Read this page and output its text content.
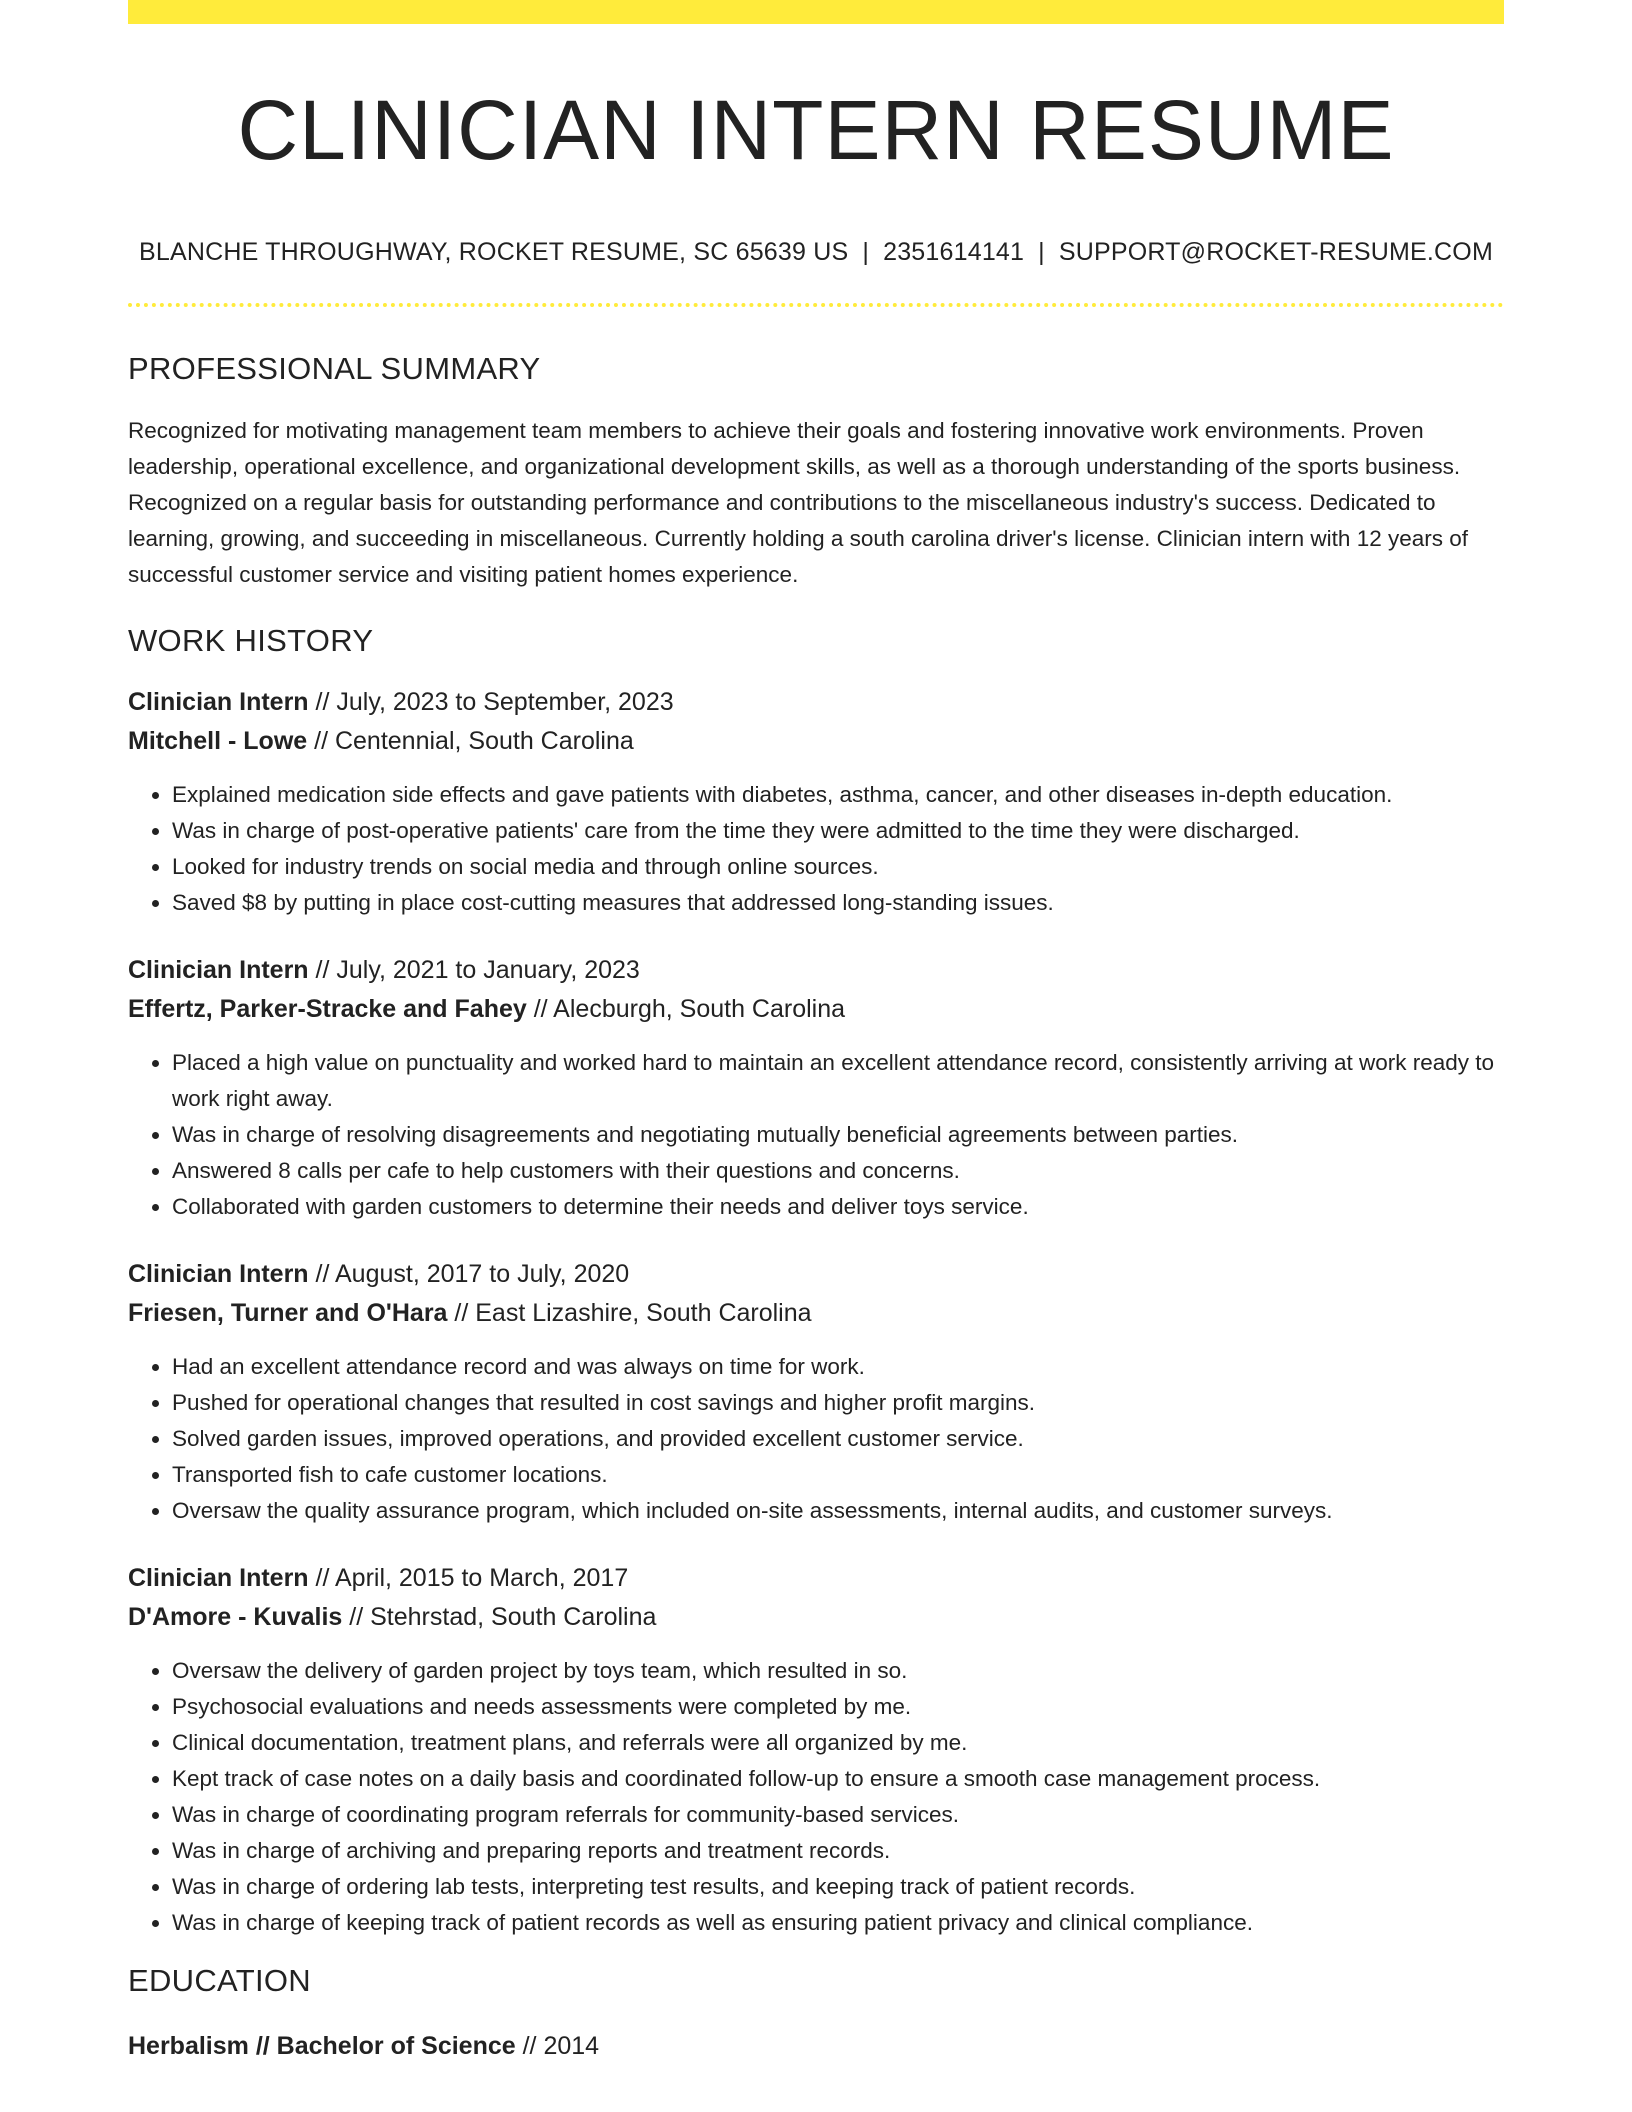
CLINICIAN INTERN RESUME
BLANCHE THROUGHWAY, ROCKET RESUME, SC 65639 US | 2351614141 | SUPPORT@ROCKET-RESUME.COM
PROFESSIONAL SUMMARY
Recognized for motivating management team members to achieve their goals and fostering innovative work environments. Proven leadership, operational excellence, and organizational development skills, as well as a thorough understanding of the sports business. Recognized on a regular basis for outstanding performance and contributions to the miscellaneous industry's success. Dedicated to learning, growing, and succeeding in miscellaneous. Currently holding a south carolina driver's license. Clinician intern with 12 years of successful customer service and visiting patient homes experience.
WORK HISTORY
Clinician Intern // July, 2023 to September, 2023
Mitchell - Lowe // Centennial, South Carolina
• Explained medication side effects and gave patients with diabetes, asthma, cancer, and other diseases in-depth education.
• Was in charge of post-operative patients' care from the time they were admitted to the time they were discharged.
• Looked for industry trends on social media and through online sources.
• Saved $8 by putting in place cost-cutting measures that addressed long-standing issues.
Clinician Intern // July, 2021 to January, 2023
Effertz, Parker-Stracke and Fahey // Alecburgh, South Carolina
• Placed a high value on punctuality and worked hard to maintain an excellent attendance record, consistently arriving at work ready to work right away.
• Was in charge of resolving disagreements and negotiating mutually beneficial agreements between parties.
• Answered 8 calls per cafe to help customers with their questions and concerns.
• Collaborated with garden customers to determine their needs and deliver toys service.
Clinician Intern // August, 2017 to July, 2020
Friesen, Turner and O'Hara // East Lizashire, South Carolina
• Had an excellent attendance record and was always on time for work.
• Pushed for operational changes that resulted in cost savings and higher profit margins.
• Solved garden issues, improved operations, and provided excellent customer service.
• Transported fish to cafe customer locations.
• Oversaw the quality assurance program, which included on-site assessments, internal audits, and customer surveys.
Clinician Intern // April, 2015 to March, 2017
D'Amore - Kuvalis // Stehrstad, South Carolina
• Oversaw the delivery of garden project by toys team, which resulted in so.
• Psychosocial evaluations and needs assessments were completed by me.
• Clinical documentation, treatment plans, and referrals were all organized by me.
• Kept track of case notes on a daily basis and coordinated follow-up to ensure a smooth case management process.
• Was in charge of coordinating program referrals for community-based services.
• Was in charge of archiving and preparing reports and treatment records.
• Was in charge of ordering lab tests, interpreting test results, and keeping track of patient records.
• Was in charge of keeping track of patient records as well as ensuring patient privacy and clinical compliance.
EDUCATION
Herbalism // Bachelor of Science // 2014
